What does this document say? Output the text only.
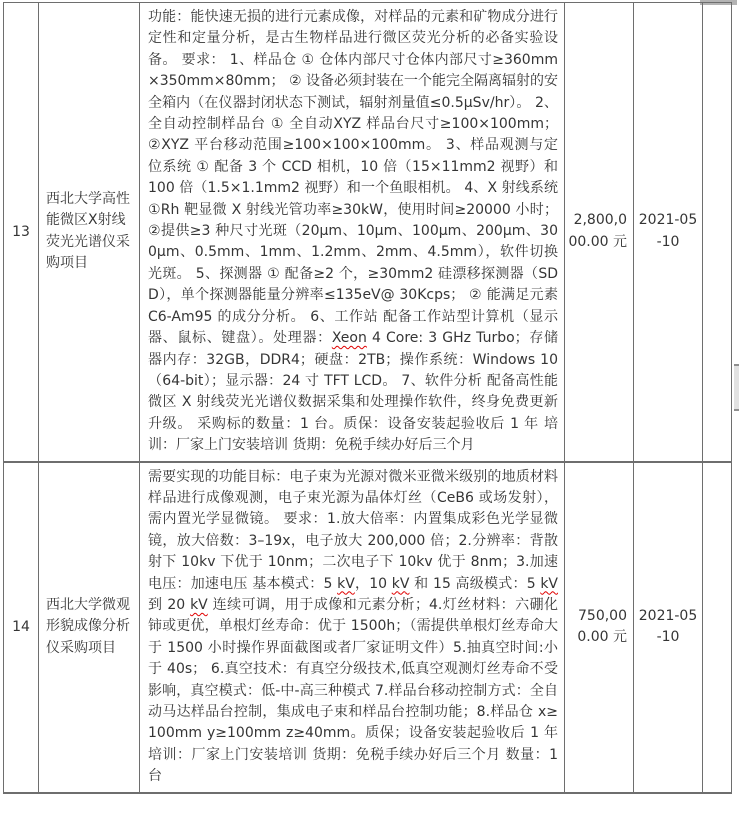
13	西北大学高性能微区X射线荧光光谱仪采购项目	功能：能快速无损的进行元素成像，对样品的元素和矿物成分进行定性和定量分析，是古生物样品进行微区荧光分析的必备实验设备。 要求： 1、样品仓 ① 仓体内部尺寸仓体内部尺寸≥360mm×350mm×80mm； ② 设备必须封装在一个能完全隔离辐射的安全箱内（在仪器封闭状态下测试，辐射剂量值≤0.5μSv/hr）。 2、全自动控制样品台 ① 全自动XYZ 样品台尺寸≥100×100mm； ②XYZ 平台移动范围≥100×100×100mm。 3、样品观测与定位系统 ① 配备 3 个 CCD 相机，10 倍（15×11mm2 视野）和 100 倍（1.5×1.1mm2 视野）和一个鱼眼相机。 4、X 射线系统 ①Rh 靶显微 X 射线光管功率≥30kW，使用时间≥20000 小时； ②提供≥3 种尺寸光斑（20μm、10μm、100μm、200μm、300μm、0.5mm、1mm、1.2mm、2mm、4.5mm），软件切换光斑。 5、探测器 ① 配备≥2 个，≥30mm2 硅漂移探测器（SDD），单个探测器能量分辨率≤135eV@ 30Kcps； ② 能满足元素 C6-Am95 的成分分析。 6、工作站 配备工作站型计算机（显示器、鼠标、键盘）。处理器：Xeon 4 Core: 3 GHz Turbo；存储器内存：32GB，DDR4；硬盘：2TB；操作系统：Windows 10（64-bit）；显示器：24 寸 TFT LCD。 7、软件分析 配备高性能微区 X 射线荧光光谱仪数据采集和处理操作软件，终身免费更新升级。 采购标的数量：1 台。质保：设备安装起验收后 1 年 培训：厂家上门安装培训 货期：免税手续办好后三个月	2,800,000.00 元	2021-05-10	
14	西北大学微观形貌成像分析仪采购项目	需要实现的功能目标：电子束为光源对微米亚微米级别的地质材料样品进行成像观测，电子束光源为晶体灯丝（CeB6 或场发射），需内置光学显微镜。 要求：1.放大倍率：内置集成彩色光学显微镜，放大倍数：3–19x，电子放大 200,000 倍；2.分辨率：背散射下 10kv 下优于 10nm；二次电子下 10kv 优于 8nm；3.加速电压：加速电压 基本模式：5 kV，10 kV 和 15 高级模式：5 kV 到 20 kV 连续可调，用于成像和元素分析；4.灯丝材料：六硼化铈或更优，单根灯丝寿命：优于 1500h；（需提供单根灯丝寿命大于 1500 小时操作界面截图或者厂家证明文件）5.抽真空时间:小于 40s； 6.真空技术：有真空分级技术,低真空观测灯丝寿命不受影响，真空模式：低-中-高三种模式 7.样品台移动控制方式：全自动马达样品台控制，集成电子束和样品台控制功能；8.样品仓 x≥100mm y≥100mm z≥40mm。质保；设备安装起验收后 1 年 培训：厂家上门安装培训 货期：免税手续办好后三个月 数量：1 台	750,000.00 元	2021-05-10	
